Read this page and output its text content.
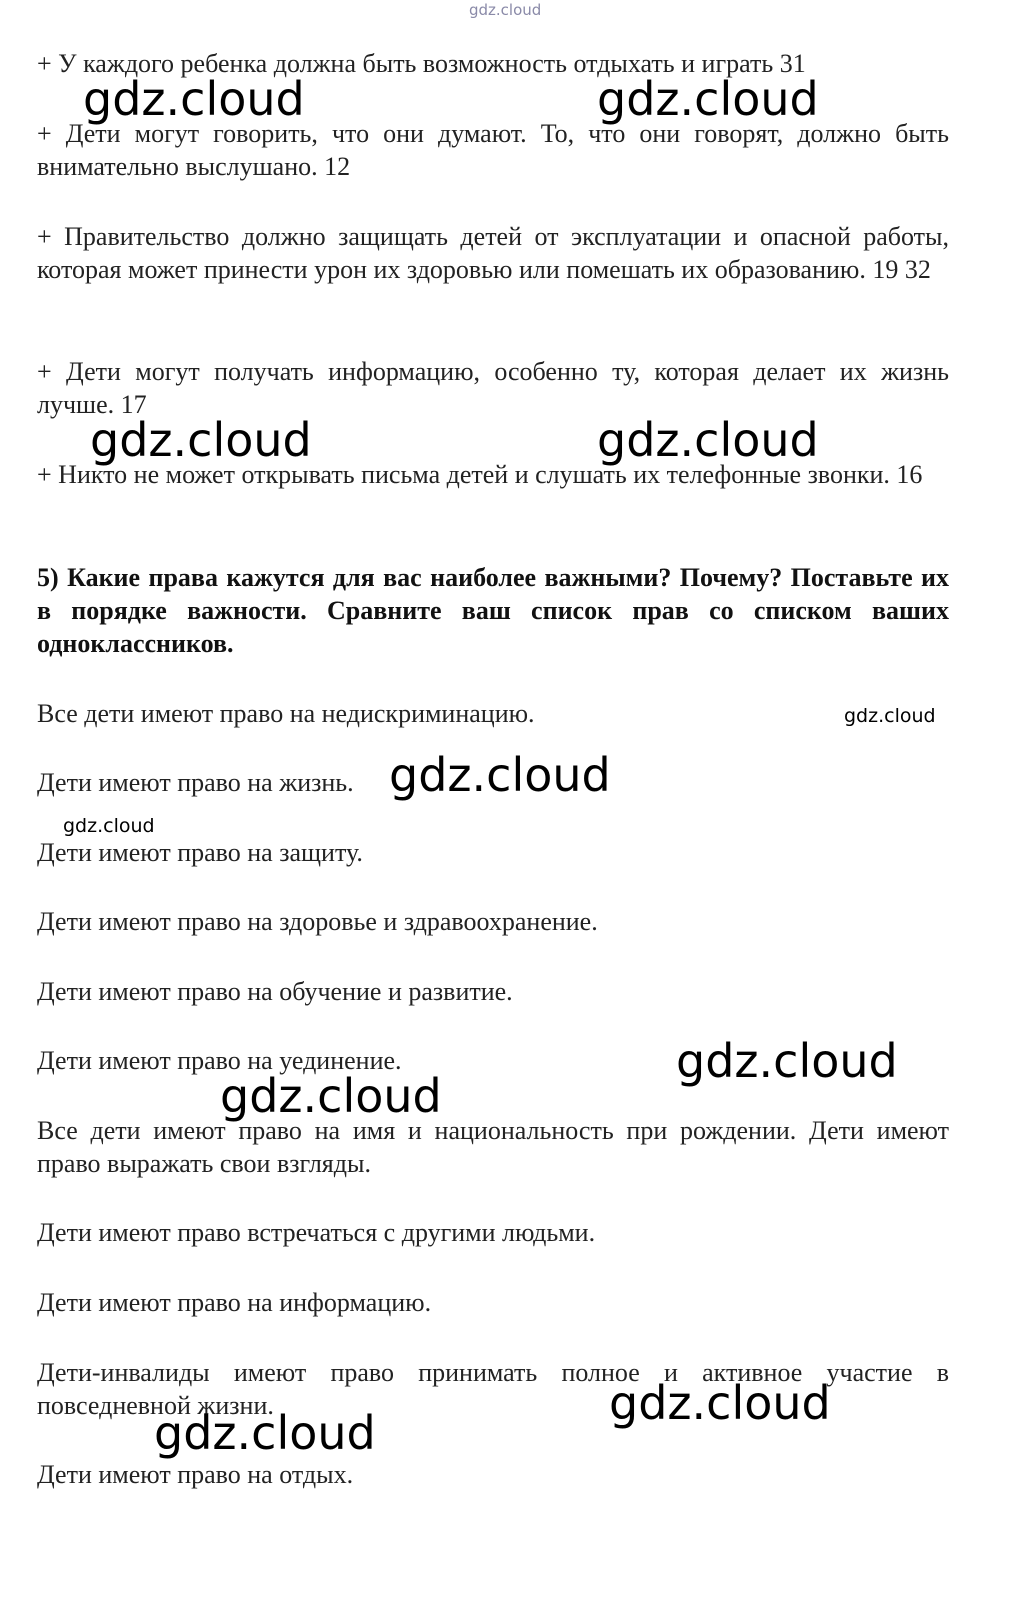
gdz.cloud

+ У каждого ребенка должна быть возможность отдыхать и играть 31

+ Дети могут говорить, что они думают. То, что они говорят, должно быть внимательно выслушано. 12

+ Правительство должно защищать детей от эксплуатации и опасной работы, которая может принести урон их здоровью или помешать их образованию. 19 32

+ Дети могут получать информацию, особенно ту, которая делает их жизнь лучше. 17

+ Никто не может открывать письма детей и слушать их телефонные звонки. 16

5) Какие права кажутся для вас наиболее важными? Почему? Поставьте их в порядке важности. Сравните ваш список прав со списком ваших одноклассников.

Все дети имеют право на недискриминацию.

Дети имеют право на жизнь.

Дети имеют право на защиту.

Дети имеют право на здоровье и здравоохранение.

Дети имеют право на обучение и развитие.

Дети имеют право на уединение.

Все дети имеют право на имя и национальность при рождении. Дети имеют право выражать свои взгляды.

Дети имеют право встречаться с другими людьми.

Дети имеют право на информацию.

Дети-инвалиды имеют право принимать полное и активное участие в повседневной жизни.

Дети имеют право на отдых.

gdz.cloud	gdz.cloud
gdz.cloud	gdz.cloud
gdz.cloud
gdz.cloud
gdz.cloud
gdz.cloud
gdz.cloud
gdz.cloud
gdz.cloud
